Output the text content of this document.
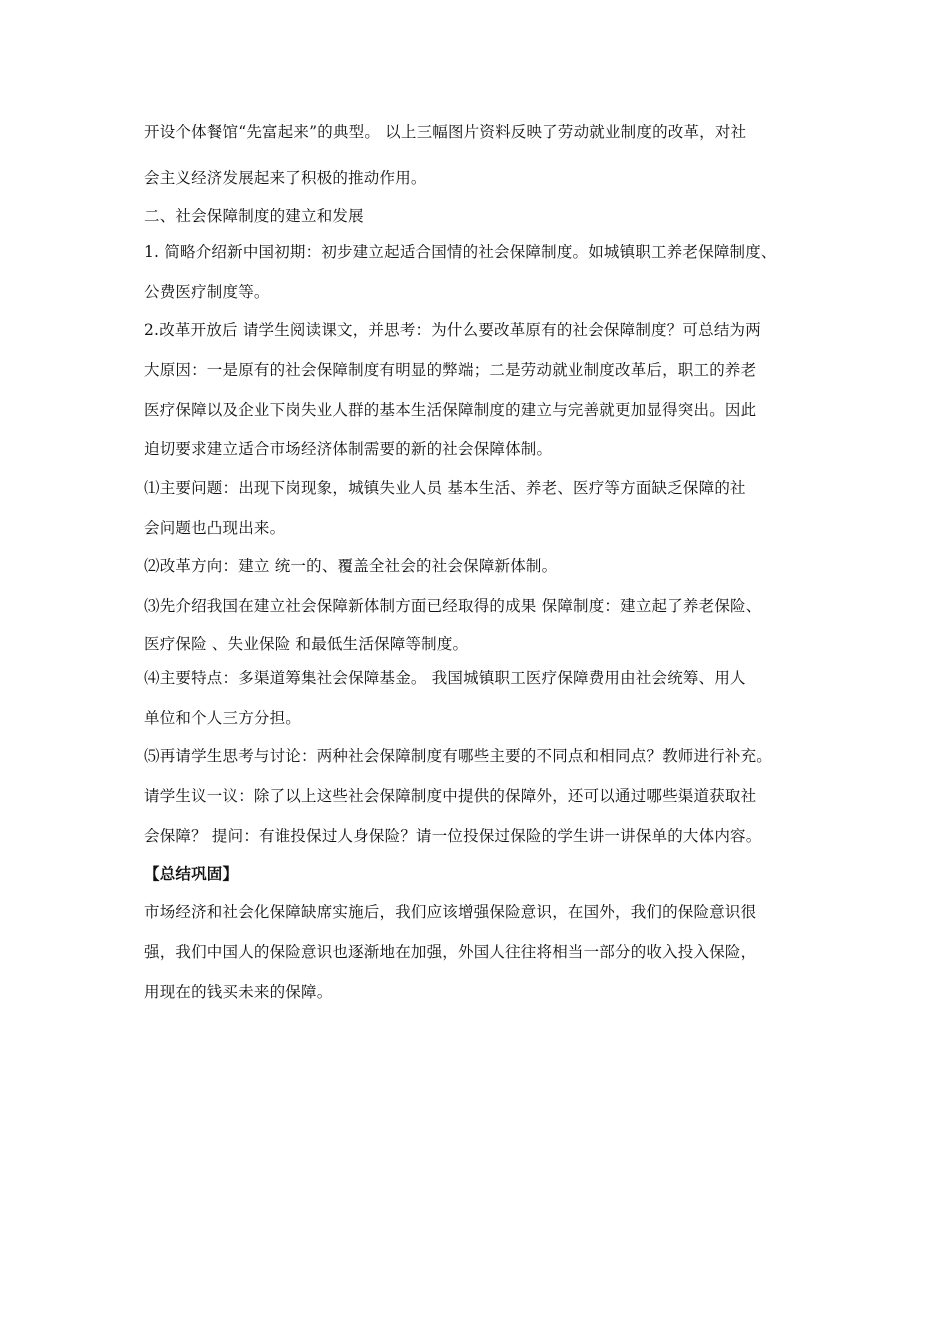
开设个体餐馆“先富起来”的典型。 以上三幅图片资料反映了劳动就业制度的改革，对社

会主义经济发展起来了积极的推动作用。

二、社会保障制度的建立和发展

1. 简略介绍新中国初期：初步建立起适合国情的社会保障制度。如城镇职工养老保障制度、

公费医疗制度等。

2.改革开放后 请学生阅读课文，并思考：为什么要改革原有的社会保障制度？可总结为两

大原因：一是原有的社会保障制度有明显的弊端；二是劳动就业制度改革后，职工的养老

医疗保障以及企业下岗失业人群的基本生活保障制度的建立与完善就更加显得突出。因此

迫切要求建立适合市场经济体制需要的新的社会保障体制。

⑴主要问题：出现下岗现象，城镇失业人员 基本生活、养老、医疗等方面缺乏保障的社

会问题也凸现出来。

⑵改革方向：建立 统一的、覆盖全社会的社会保障新体制。

⑶先介绍我国在建立社会保障新体制方面已经取得的成果 保障制度：建立起了养老保险、

医疗保险 、失业保险 和最低生活保障等制度。

⑷主要特点：多渠道筹集社会保障基金。 我国城镇职工医疗保障费用由社会统筹、用人

单位和个人三方分担。

⑸再请学生思考与讨论：两种社会保障制度有哪些主要的不同点和相同点？教师进行补充。

请学生议一议：除了以上这些社会保障制度中提供的保障外，还可以通过哪些渠道获取社

会保障？ 提问：有谁投保过人身保险？请一位投保过保险的学生讲一讲保单的大体内容。

【总结巩固】

市场经济和社会化保障缺席实施后，我们应该增强保险意识，在国外，我们的保险意识很

强，我们中国人的保险意识也逐渐地在加强，外国人往往将相当一部分的收入投入保险，

用现在的钱买未来的保障。
